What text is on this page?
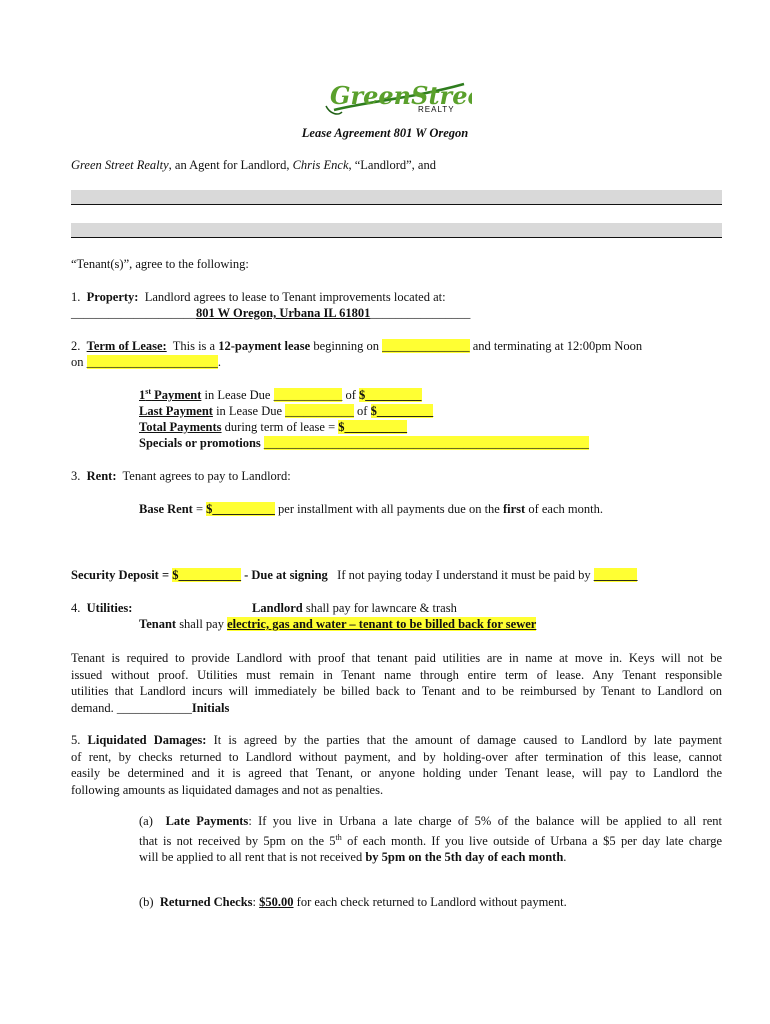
GreenStre
REALTY
Lease Agreement 801 W Oregon
Green Street Realty, an Agent for Landlord, Chris Enck, “Landlord”, and
“Tenant(s)”, agree to the following:
1. Property: Landlord agrees to lease to Tenant improvements located at:
____________________801 W Oregon, Urbana IL 61801________________
2. Term of Lease: This is a 12-payment lease beginning on ______________ and terminating at 12:00pm Noon
on _____________________.
1st Payment in Lease Due ___________ of $_________
Last Payment in Lease Due ___________ of $_________
Total Payments during term of lease = $__________
Specials or promotions ____________________________________________________
3. Rent: Tenant agrees to pay to Landlord:
Base Rent = $__________ per installment with all payments due on the first of each month.
Security Deposit = $__________ - Due at signing If not paying today I understand it must be paid by _______
4. Utilities:	Landlord shall pay for lawncare & trash
Tenant shall pay electric, gas and water – tenant to be billed back for sewer
Tenant is required to provide Landlord with proof that tenant paid utilities are in name at move in. Keys will not be
issued without proof. Utilities must remain in Tenant name through entire term of lease. Any Tenant responsible
utilities that Landlord incurs will immediately be billed back to Tenant and to be reimbursed by Tenant to Landlord on
demand. ____________Initials
5. Liquidated Damages: It is agreed by the parties that the amount of damage caused to Landlord by late payment
of rent, by checks returned to Landlord without payment, and by holding-over after termination of this lease, cannot
easily be determined and it is agreed that Tenant, or anyone holding under Tenant lease, will pay to Landlord the
following amounts as liquidated damages and not as penalties.
(a) Late Payments: If you live in Urbana a late charge of 5% of the balance will be applied to all rent
that is not received by 5pm on the 5th of each month. If you live outside of Urbana a $5 per day late charge
will be applied to all rent that is not received by 5pm on the 5th day of each month.
(b) Returned Checks: $50.00 for each check returned to Landlord without payment.
